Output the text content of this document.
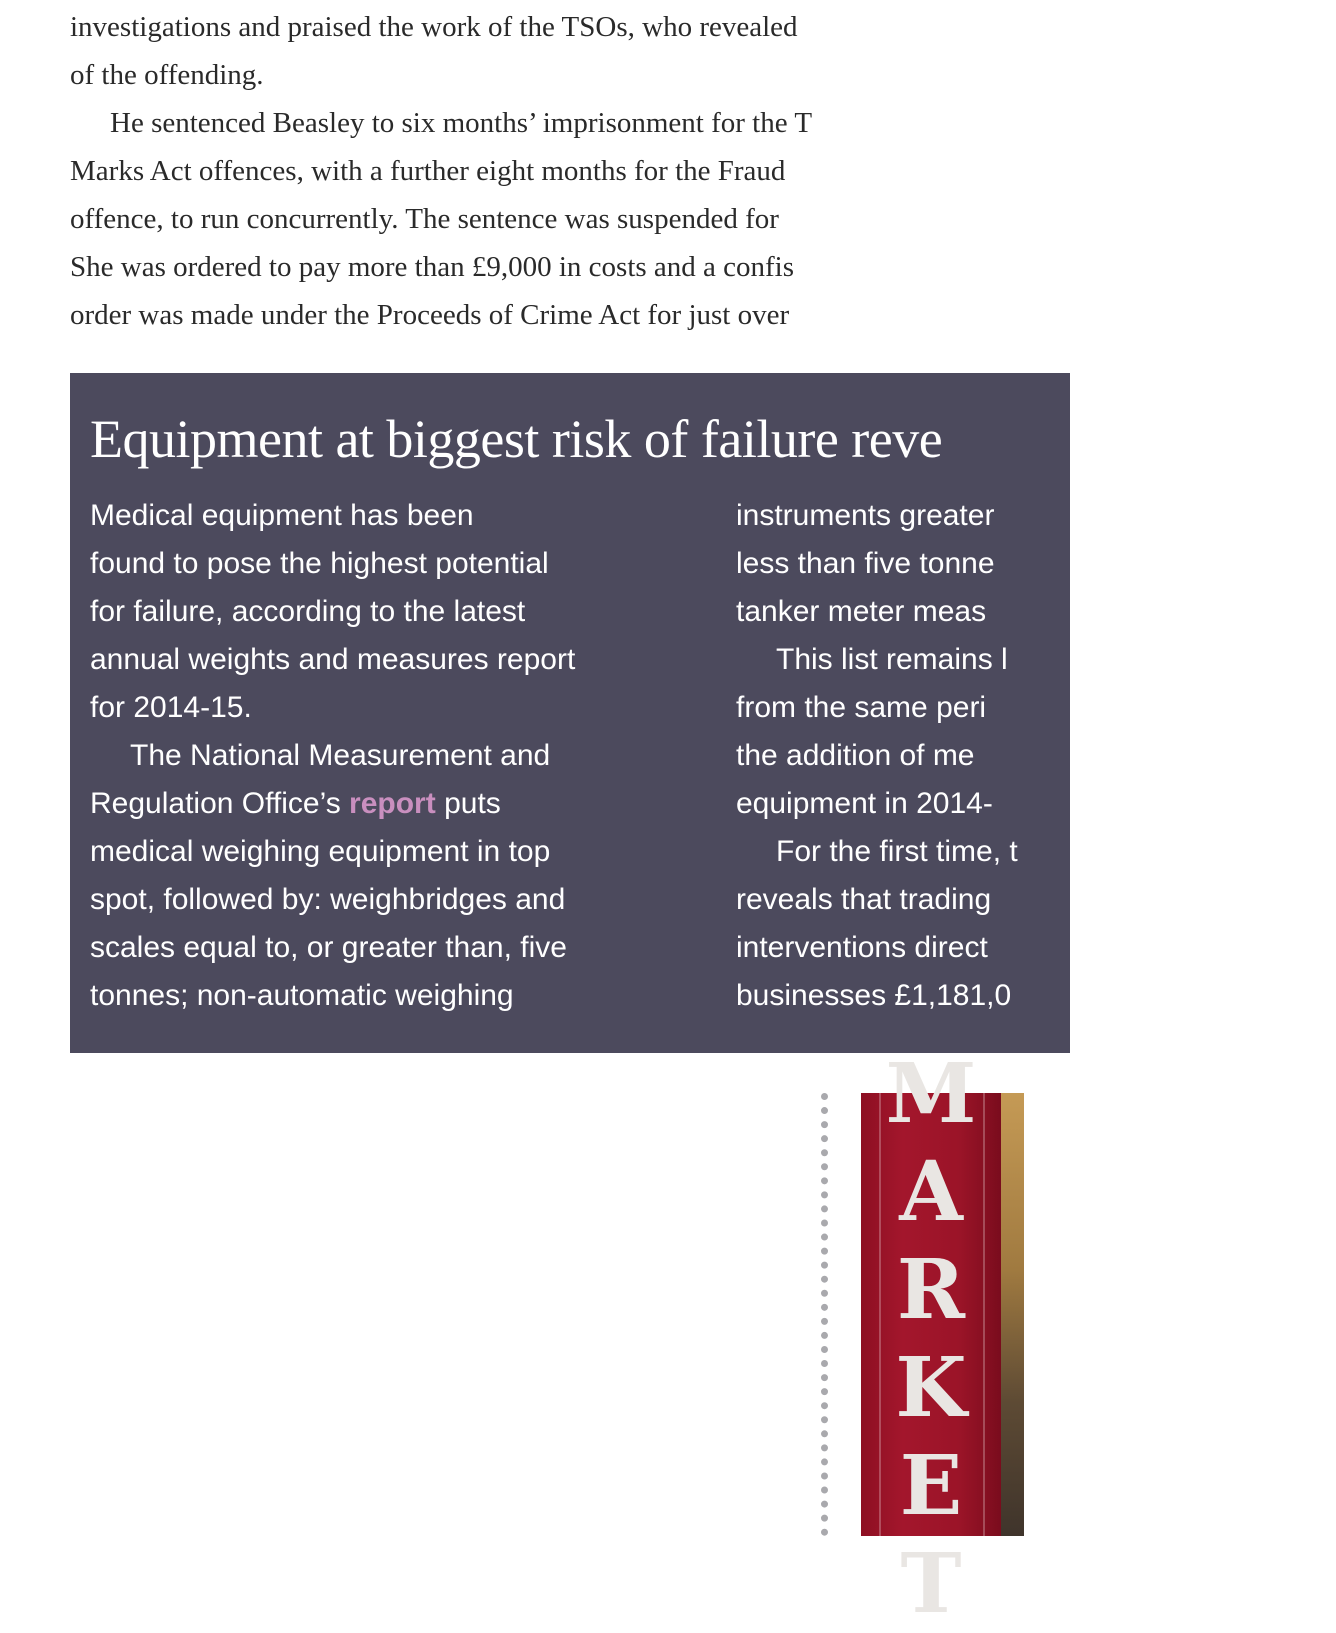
investigations and praised the work of the TSOs, who revealed
of the offending.
He sentenced Beasley to six months’ imprisonment for the T
Marks Act offences, with a further eight months for the Fraud
offence, to run concurrently. The sentence was suspended for
She was ordered to pay more than £9,000 in costs and a confis
order was made under the Proceeds of Crime Act for just over
Equipment at biggest risk of failure reve
Medical equipment has been
found to pose the highest potential
for failure, according to the latest
annual weights and measures report
for 2014-15.
The National Measurement and
Regulation Office’s report puts
medical weighing equipment in top
spot, followed by: weighbridges and
scales equal to, or greater than, five
tonnes; non-automatic weighing
instruments greater
less than five tonne
tanker meter meas
This list remains l
from the same peri
the addition of me
equipment in 2014-
For the first time, t
reveals that trading
interventions direct
businesses £1,181,0
M
A
R
K
E
T
